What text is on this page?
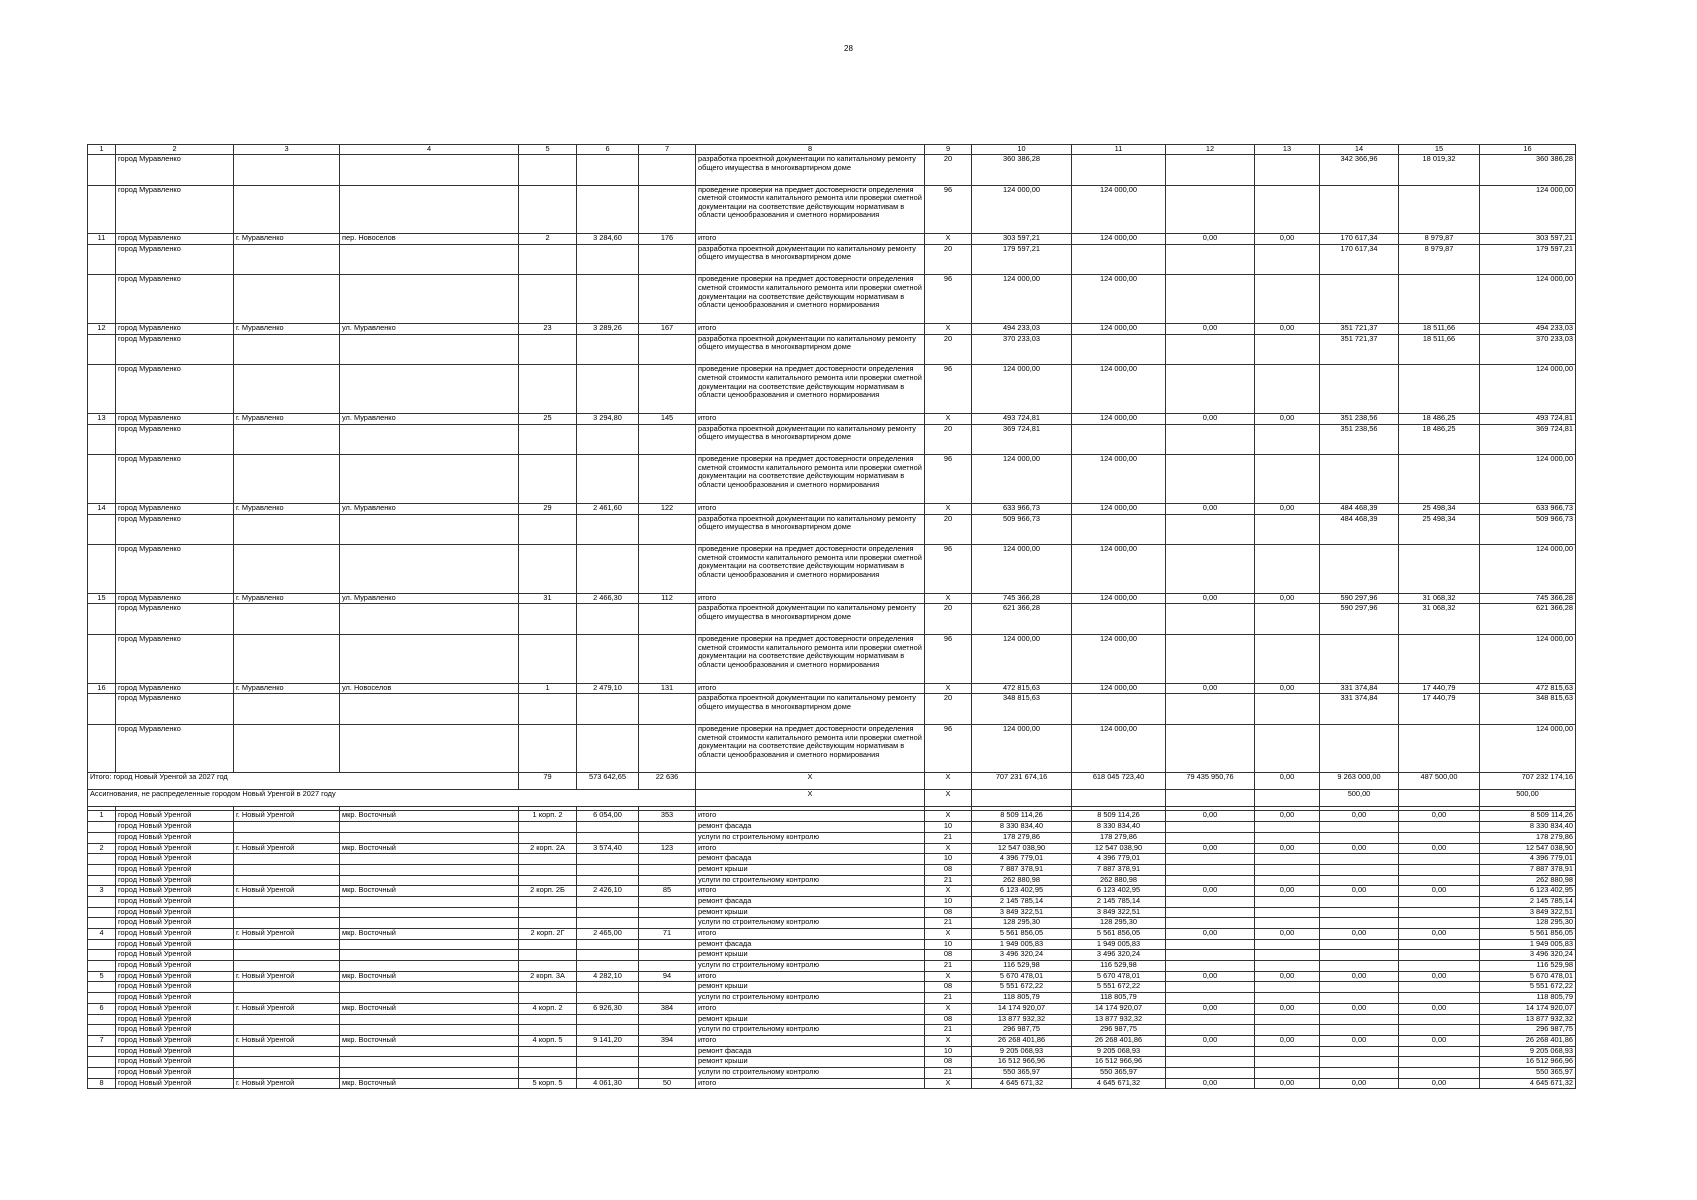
28
1	2	3	4	5	6	7	8	9	10	11	12	13	14	15	16
	город Муравленко						разработка проектной документации по капитальному ремонту общего имущества в многоквартирном доме	20	360 386,28				342 366,96	18 019,32	360 386,28
	город Муравленко						проведение проверки на предмет достоверности определения сметной стоимости капитального ремонта или проверки сметной документации на соответствие действующим нормативам в области ценообразования и сметного нормирования	96	124 000,00	124 000,00					124 000,00
11	город Муравленко	г. Муравленко	пер. Новоселов	2	3 284,60	176	итого	X	303 597,21	124 000,00	0,00	0,00	170 617,34	8 979,87	303 597,21
	город Муравленко						разработка проектной документации по капитальному ремонту общего имущества в многоквартирном доме	20	179 597,21				170 617,34	8 979,87	179 597,21
	город Муравленко						проведение проверки на предмет достоверности определения сметной стоимости капитального ремонта или проверки сметной документации на соответствие действующим нормативам в области ценообразования и сметного нормирования	96	124 000,00	124 000,00					124 000,00
12	город Муравленко	г. Муравленко	ул. Муравленко	23	3 289,26	167	итого	X	494 233,03	124 000,00	0,00	0,00	351 721,37	18 511,66	494 233,03
	город Муравленко						разработка проектной документации по капитальному ремонту общего имущества в многоквартирном доме	20	370 233,03				351 721,37	18 511,66	370 233,03
	город Муравленко						проведение проверки на предмет достоверности определения сметной стоимости капитального ремонта или проверки сметной документации на соответствие действующим нормативам в области ценообразования и сметного нормирования	96	124 000,00	124 000,00					124 000,00
13	город Муравленко	г. Муравленко	ул. Муравленко	25	3 294,80	145	итого	X	493 724,81	124 000,00	0,00	0,00	351 238,56	18 486,25	493 724,81
	город Муравленко						разработка проектной документации по капитальному ремонту общего имущества в многоквартирном доме	20	369 724,81				351 238,56	18 486,25	369 724,81
	город Муравленко						проведение проверки на предмет достоверности определения сметной стоимости капитального ремонта или проверки сметной документации на соответствие действующим нормативам в области ценообразования и сметного нормирования	96	124 000,00	124 000,00					124 000,00
14	город Муравленко	г. Муравленко	ул. Муравленко	29	2 461,60	122	итого	X	633 966,73	124 000,00	0,00	0,00	484 468,39	25 498,34	633 966,73
	город Муравленко						разработка проектной документации по капитальному ремонту общего имущества в многоквартирном доме	20	509 966,73				484 468,39	25 498,34	509 966,73
	город Муравленко						проведение проверки на предмет достоверности определения сметной стоимости капитального ремонта или проверки сметной документации на соответствие действующим нормативам в области ценообразования и сметного нормирования	96	124 000,00	124 000,00					124 000,00
15	город Муравленко	г. Муравленко	ул. Муравленко	31	2 466,30	112	итого	X	745 366,28	124 000,00	0,00	0,00	590 297,96	31 068,32	745 366,28
	город Муравленко						разработка проектной документации по капитальному ремонту общего имущества в многоквартирном доме	20	621 366,28				590 297,96	31 068,32	621 366,28
	город Муравленко						проведение проверки на предмет достоверности определения сметной стоимости капитального ремонта или проверки сметной документации на соответствие действующим нормативам в области ценообразования и сметного нормирования	96	124 000,00	124 000,00					124 000,00
16	город Муравленко	г. Муравленко	ул. Новоселов	1	2 479,10	131	итого	X	472 815,63	124 000,00	0,00	0,00	331 374,84	17 440,79	472 815,63
	город Муравленко						разработка проектной документации по капитальному ремонту общего имущества в многоквартирном доме	20	348 815,63				331 374,84	17 440,79	348 815,63
	город Муравленко						проведение проверки на предмет достоверности определения сметной стоимости капитального ремонта или проверки сметной документации на соответствие действующим нормативам в области ценообразования и сметного нормирования	96	124 000,00	124 000,00					124 000,00
Итого: город Новый Уренгой за 2027 год				79	573 642,65	22 636	X	X	707 231 674,16	618 045 723,40	79 435 950,76	0,00	9 263 000,00	487 500,00	707 232 174,16
Ассигнования, не распределенные городом Новый Уренгой в 2027 году							X	X					500,00		500,00

1	город Новый Уренгой	г. Новый Уренгой	мкр. Восточный	1 корп. 2	6 054,00	353	итого	X	8 509 114,26	8 509 114,26	0,00	0,00	0,00	0,00	8 509 114,26
	город Новый Уренгой						ремонт фасада	10	8 330 834,40	8 330 834,40					8 330 834,40
	город Новый Уренгой						услуги по строительному контролю	21	178 279,86	178 279,86					178 279,86
2	город Новый Уренгой	г. Новый Уренгой	мкр. Восточный	2 корп. 2А	3 574,40	123	итого	X	12 547 038,90	12 547 038,90	0,00	0,00	0,00	0,00	12 547 038,90
	город Новый Уренгой						ремонт фасада	10	4 396 779,01	4 396 779,01					4 396 779,01
	город Новый Уренгой						ремонт крыши	08	7 887 378,91	7 887 378,91					7 887 378,91
	город Новый Уренгой						услуги по строительному контролю	21	262 880,98	262 880,98					262 880,98
3	город Новый Уренгой	г. Новый Уренгой	мкр. Восточный	2 корп. 2Б	2 426,10	85	итого	X	6 123 402,95	6 123 402,95	0,00	0,00	0,00	0,00	6 123 402,95
	город Новый Уренгой						ремонт фасада	10	2 145 785,14	2 145 785,14					2 145 785,14
	город Новый Уренгой						ремонт крыши	08	3 849 322,51	3 849 322,51					3 849 322,51
	город Новый Уренгой						услуги по строительному контролю	21	128 295,30	128 295,30					128 295,30
4	город Новый Уренгой	г. Новый Уренгой	мкр. Восточный	2 корп. 2Г	2 465,00	71	итого	X	5 561 856,05	5 561 856,05	0,00	0,00	0,00	0,00	5 561 856,05
	город Новый Уренгой						ремонт фасада	10	1 949 005,83	1 949 005,83					1 949 005,83
	город Новый Уренгой						ремонт крыши	08	3 496 320,24	3 496 320,24					3 496 320,24
	город Новый Уренгой						услуги по строительному контролю	21	116 529,98	116 529,98					116 529,98
5	город Новый Уренгой	г. Новый Уренгой	мкр. Восточный	2 корп. 3А	4 282,10	94	итого	X	5 670 478,01	5 670 478,01	0,00	0,00	0,00	0,00	5 670 478,01
	город Новый Уренгой						ремонт крыши	08	5 551 672,22	5 551 672,22					5 551 672,22
	город Новый Уренгой						услуги по строительному контролю	21	118 805,79	118 805,79					118 805,79
6	город Новый Уренгой	г. Новый Уренгой	мкр. Восточный	4 корп. 2	6 926,30	384	итого	X	14 174 920,07	14 174 920,07	0,00	0,00	0,00	0,00	14 174 920,07
	город Новый Уренгой						ремонт крыши	08	13 877 932,32	13 877 932,32					13 877 932,32
	город Новый Уренгой						услуги по строительному контролю	21	296 987,75	296 987,75					296 987,75
7	город Новый Уренгой	г. Новый Уренгой	мкр. Восточный	4 корп. 5	9 141,20	394	итого	X	26 268 401,86	26 268 401,86	0,00	0,00	0,00	0,00	26 268 401,86
	город Новый Уренгой						ремонт фасада	10	9 205 068,93	9 205 068,93					9 205 068,93
	город Новый Уренгой						ремонт крыши	08	16 512 966,96	16 512 966,96					16 512 966,96
	город Новый Уренгой						услуги по строительному контролю	21	550 365,97	550 365,97					550 365,97
8	город Новый Уренгой	г. Новый Уренгой	мкр. Восточный	5 корп. 5	4 061,30	50	итого	X	4 645 671,32	4 645 671,32	0,00	0,00	0,00	0,00	4 645 671,32
